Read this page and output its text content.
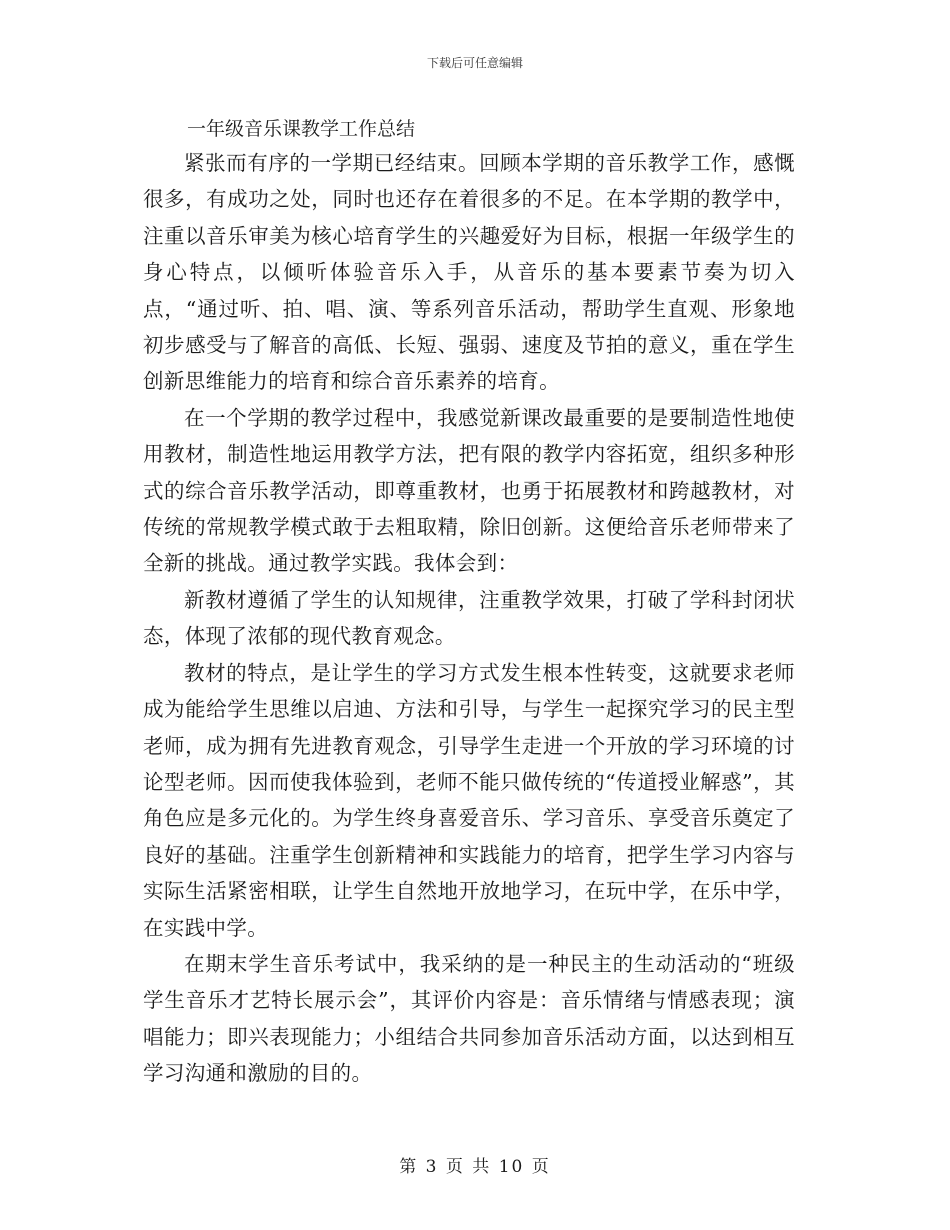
下载后可任意编辑
一年级音乐课教学工作总结

紧张而有序的一学期已经结束。回顾本学期的音乐教学工作，感慨很多，有成功之处，同时也还存在着很多的不足。在本学期的教学中，注重以音乐审美为核心培育学生的兴趣爱好为目标，根据一年级学生的身心特点，以倾听体验音乐入手，从音乐的基本要素节奏为切入点，“通过听、拍、唱、演、等系列音乐活动，帮助学生直观、形象地初步感受与了解音的高低、长短、强弱、速度及节拍的意义，重在学生创新思维能力的培育和综合音乐素养的培育。

在一个学期的教学过程中，我感觉新课改最重要的是要制造性地使用教材，制造性地运用教学方法，把有限的教学内容拓宽，组织多种形式的综合音乐教学活动，即尊重教材，也勇于拓展教材和跨越教材，对传统的常规教学模式敢于去粗取精，除旧创新。这便给音乐老师带来了全新的挑战。通过教学实践。我体会到：

新教材遵循了学生的认知规律，注重教学效果，打破了学科封闭状态，体现了浓郁的现代教育观念。

教材的特点，是让学生的学习方式发生根本性转变，这就要求老师成为能给学生思维以启迪、方法和引导，与学生一起探究学习的民主型老师，成为拥有先进教育观念，引导学生走进一个开放的学习环境的讨论型老师。因而使我体验到，老师不能只做传统的“传道授业解惑”，其角色应是多元化的。为学生终身喜爱音乐、学习音乐、享受音乐奠定了良好的基础。注重学生创新精神和实践能力的培育，把学生学习内容与实际生活紧密相联，让学生自然地开放地学习，在玩中学，在乐中学，在实践中学。

在期末学生音乐考试中，我采纳的是一种民主的生动活动的“班级学生音乐才艺特长展示会”，其评价内容是：音乐情绪与情感表现；演唱能力；即兴表现能力；小组结合共同参加音乐活动方面，以达到相互学习沟通和激励的目的。

第 3 页 共 10 页
